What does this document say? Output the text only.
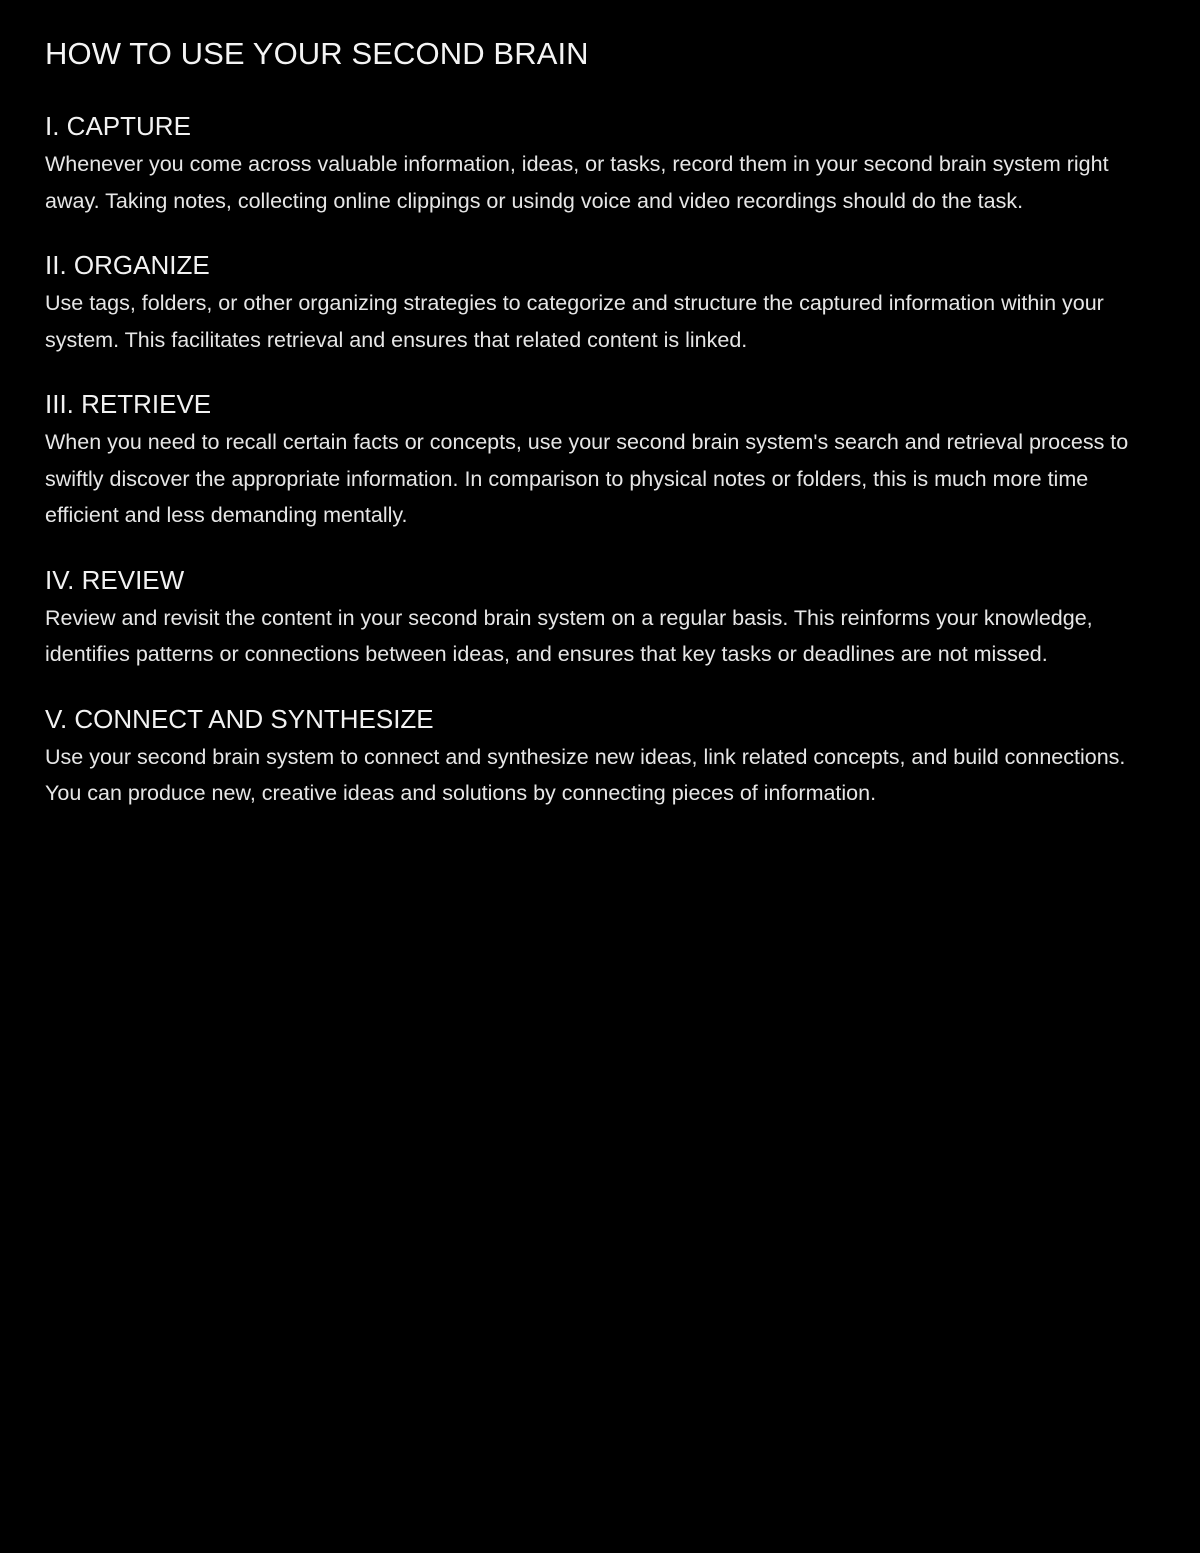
HOW TO USE YOUR SECOND BRAIN
I. CAPTURE

Whenever you come across valuable information, ideas, or tasks, record them in your second brain system right away. Taking notes, collecting online clippings or usindg voice and video recordings should do the task.

II. ORGANIZE

Use tags, folders, or other organizing strategies to categorize and structure the captured information within your system. This facilitates retrieval and ensures that related content is linked.

III. RETRIEVE

When you need to recall certain facts or concepts, use your second brain system's search and retrieval process to swiftly discover the appropriate information. In comparison to physical notes or folders, this is much more time efficient and less demanding mentally.

IV. REVIEW

Review and revisit the content in your second brain system on a regular basis. This reinforms your knowledge, identifies patterns or connections between ideas, and ensures that key tasks or deadlines are not missed.

V. CONNECT AND SYNTHESIZE

Use your second brain system to connect and synthesize new ideas, link related concepts, and build connections. You can produce new, creative ideas and solutions by connecting pieces of information.
